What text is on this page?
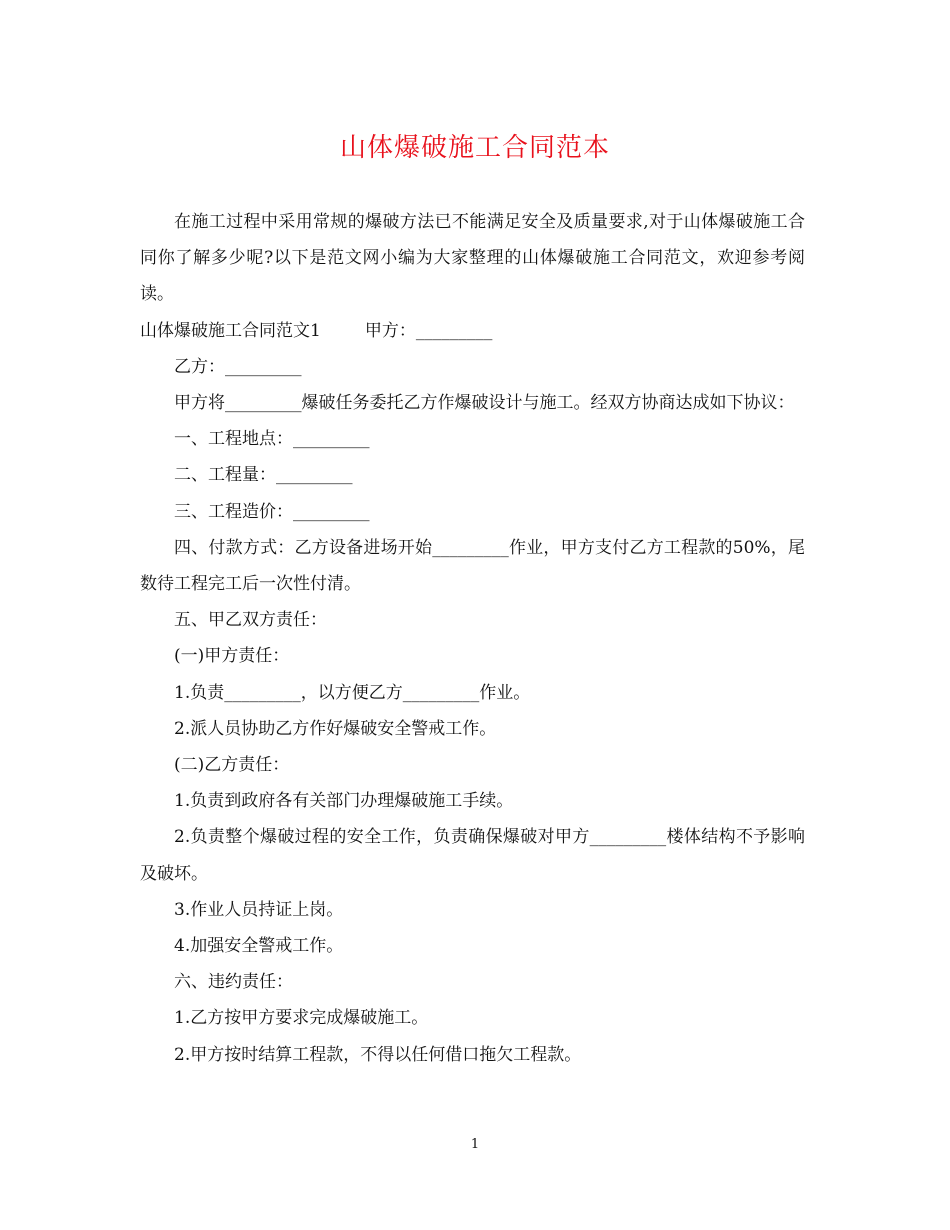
山体爆破施工合同范本

在施工过程中采用常规的爆破方法已不能满足安全及质量要求,对于山体爆破施工合同你了解多少呢?以下是范文网小编为大家整理的山体爆破施工合同范文，欢迎参考阅读。

山体爆破施工合同范文1	甲方：_________

乙方：_________

甲方将_________爆破任务委托乙方作爆破设计与施工。经双方协商达成如下协议：

一、工程地点：_________

二、工程量：_________

三、工程造价：_________

四、付款方式：乙方设备进场开始_________作业，甲方支付乙方工程款的50%，尾数待工程完工后一次性付清。

五、甲乙双方责任：

(一)甲方责任：

1.负责_________，以方便乙方_________作业。

2.派人员协助乙方作好爆破安全警戒工作。

(二)乙方责任：

1.负责到政府各有关部门办理爆破施工手续。

2.负责整个爆破过程的安全工作，负责确保爆破对甲方_________楼体结构不予影响及破坏。

3.作业人员持证上岗。

4.加强安全警戒工作。

六、违约责任：

1.乙方按甲方要求完成爆破施工。

2.甲方按时结算工程款，不得以任何借口拖欠工程款。

1
